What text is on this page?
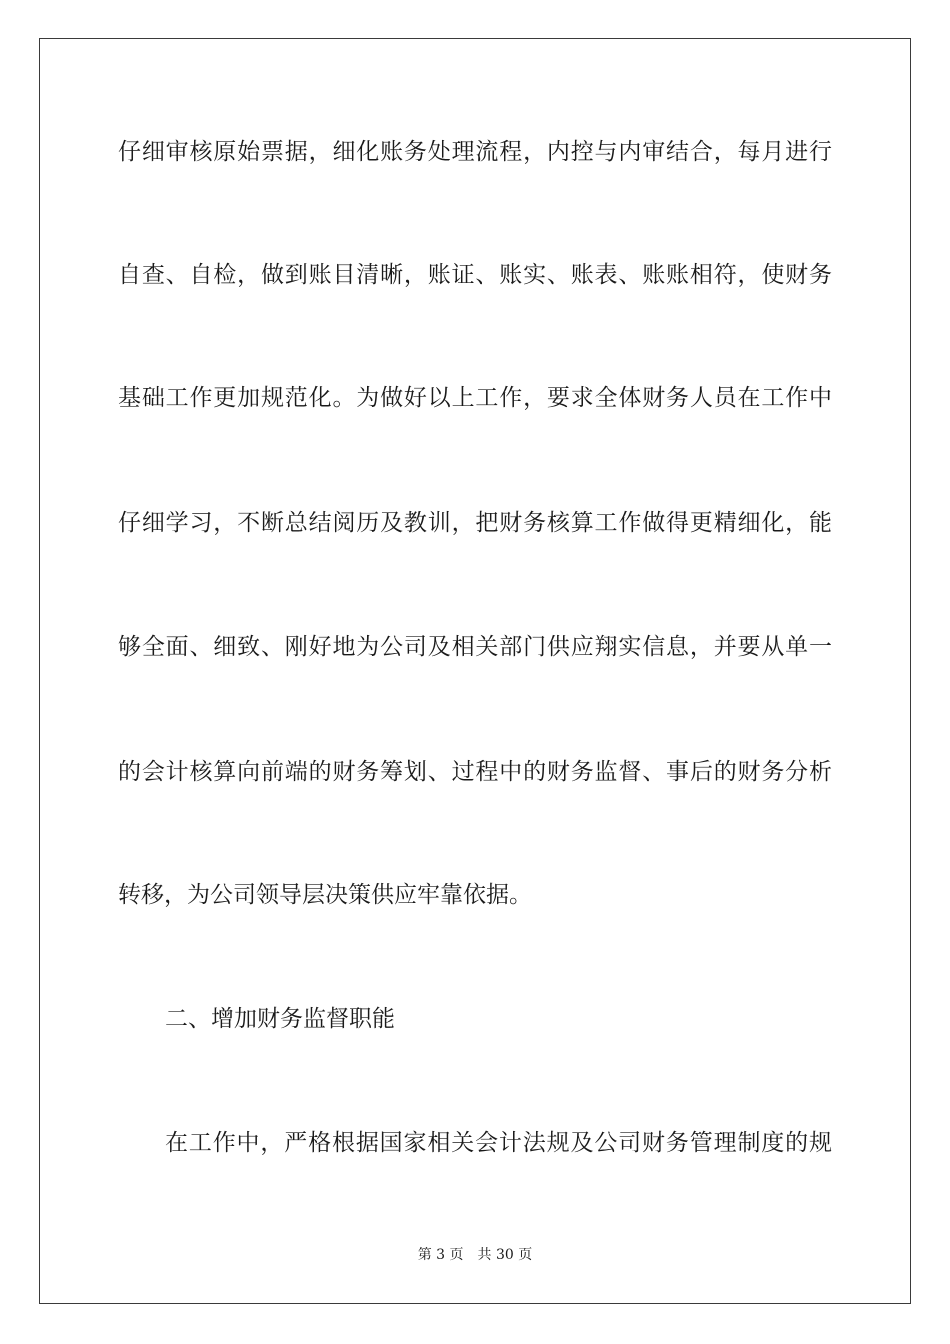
仔细审核原始票据，细化账务处理流程，内控与内审结合，每月进行
自查、自检，做到账目清晰，账证、账实、账表、账账相符，使财务
基础工作更加规范化。为做好以上工作，要求全体财务人员在工作中
仔细学习，不断总结阅历及教训，把财务核算工作做得更精细化，能
够全面、细致、刚好地为公司及相关部门供应翔实信息，并要从单一
的会计核算向前端的财务筹划、过程中的财务监督、事后的财务分析
转移，为公司领导层决策供应牢靠依据。
二、增加财务监督职能
在工作中，严格根据国家相关会计法规及公司财务管理制度的规
第 3 页 共 30 页
